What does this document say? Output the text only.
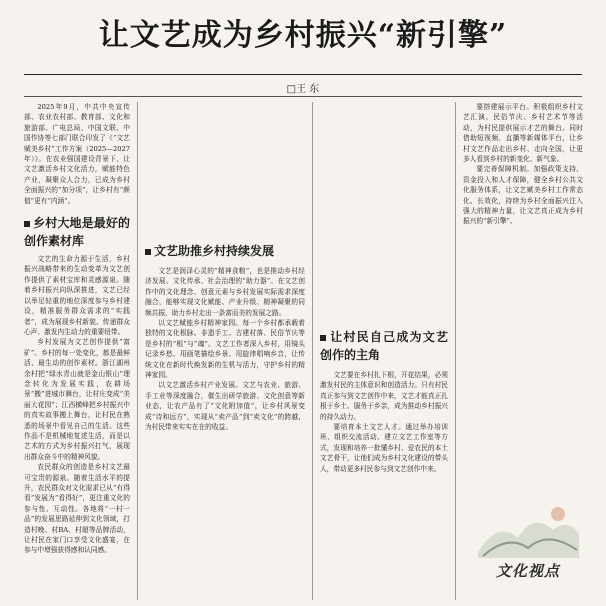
让文艺成为乡村振兴“新引擎”
□王 东

2025年9月，中共中央宣传部、农业农村部、教育部、文化和旅游部、广电总局、中国文联、中国作协等七部门联合印发了《“文艺赋美乡村”工作方案（2025—2027年）》。在农业强国建设背景下，让文艺激活乡村文化活力，赋能特色产业，凝聚众人合力，已成为乡村全面振兴的“加分项”，让乡村有“颜值”更有“内涵”。

乡村大地是最好的创作素材库

文艺的生命力源于生活，乡村振兴战略带来的生动变革为文艺创作提供了素材宝库和灵感源泉。随着乡村振兴向纵深推进，文艺已经以举足轻重的地位深度参与乡村建设，精准服务群众需求的“实践者”，成为展现乡村新貌、传递群众心声、激发内生动力的重要纽带。

乡村发展为文艺创作提供“富矿”。乡村的每一处变化，都是最鲜活、最生动的创作素材。浙江湖州余村把“绿水青山就是金山银山”理念转化为发展实践，农耕场景“搬”进城市舞台，让村庄变成“美丽大花园”；江西横峰把乡村振兴中的真实故事搬上舞台，让村民在熟悉的场景中看见自己的生活。这些作品不是机械地复述生活，而是以艺术的方式为乡村振兴打气，展现出群众奋斗中的精神风貌。

农民群众的创造是乡村文艺最可宝贵的源泉。随着生活水平的提升，农民群众对文化需求已从“有得看”发展为“看得好”，更注重文化的参与性、互动性。各地将“一村一品”的发展思路延伸到文化领域，打造村晚、村BA、村超等品牌活动，让村民在家门口享受文化盛宴，在参与中增强获得感和认同感。

文艺助推乡村持续发展

文艺是润泽心灵的“精神食粮”，也是推动乡村经济发展、文化传承、社会治理的“助力器”。在文艺创作中的文化理念、创意元素与乡村发展实际需求深度融合，能够实现文化赋能、产业升级、精神凝聚的同频共振，助力乡村走出一条富而美的发展之路。

以文艺赋能乡村精神家园。每一个乡村都承载着独特的文化根脉。非遗手工、古建村落、民俗节庆等是乡村的“根”与“魂”。文艺工作者深入乡村，用镜头记录乡愁、用画笔描绘乡景、用旋律唱响乡音，让传统文化在新时代焕发新的生机与活力，守护乡村的精神家园。

以文艺激活乡村产业发展。文艺与农业、旅游、手工业等深度融合，催生出研学旅游、文化创意等新业态，让农产品有了“文化附加值”，让乡村风景变成“诗和远方”，实现从“卖产品”到“卖文化”的跨越，为村民带来实实在在的收益。

让村民自己成为文艺创作的主角

文艺要在乡村扎下根，开花结果，必须激发村民的主体意识和创造活力。只有村民真正参与到文艺创作中来，文艺才能真正扎根于乡土、服务于乡亲，成为推动乡村振兴的持久动力。

要培育本土文艺人才。通过举办培训班、组织交流活动、建立文艺工作室等方式，发现和培养一批懂乡村、爱农民的本土文艺骨干，让他们成为乡村文化建设的带头人，带动更多村民参与到文艺创作中来。

要搭建展示平台。积极组织乡村文艺汇演、民俗节庆、乡村艺术节等活动，为村民提供展示才艺的舞台。同时借助短视频、直播等新媒体平台，让乡村文艺作品走出乡村、走向全国，让更多人看到乡村的新变化、新气象。

要完善保障机制。加强政策支持、资金投入和人才保障，健全乡村公共文化服务体系，让文艺赋美乡村工作常态化、长效化，持续为乡村全面振兴注入强大的精神力量，让文艺真正成为乡村振兴的“新引擎”。

文化视点
